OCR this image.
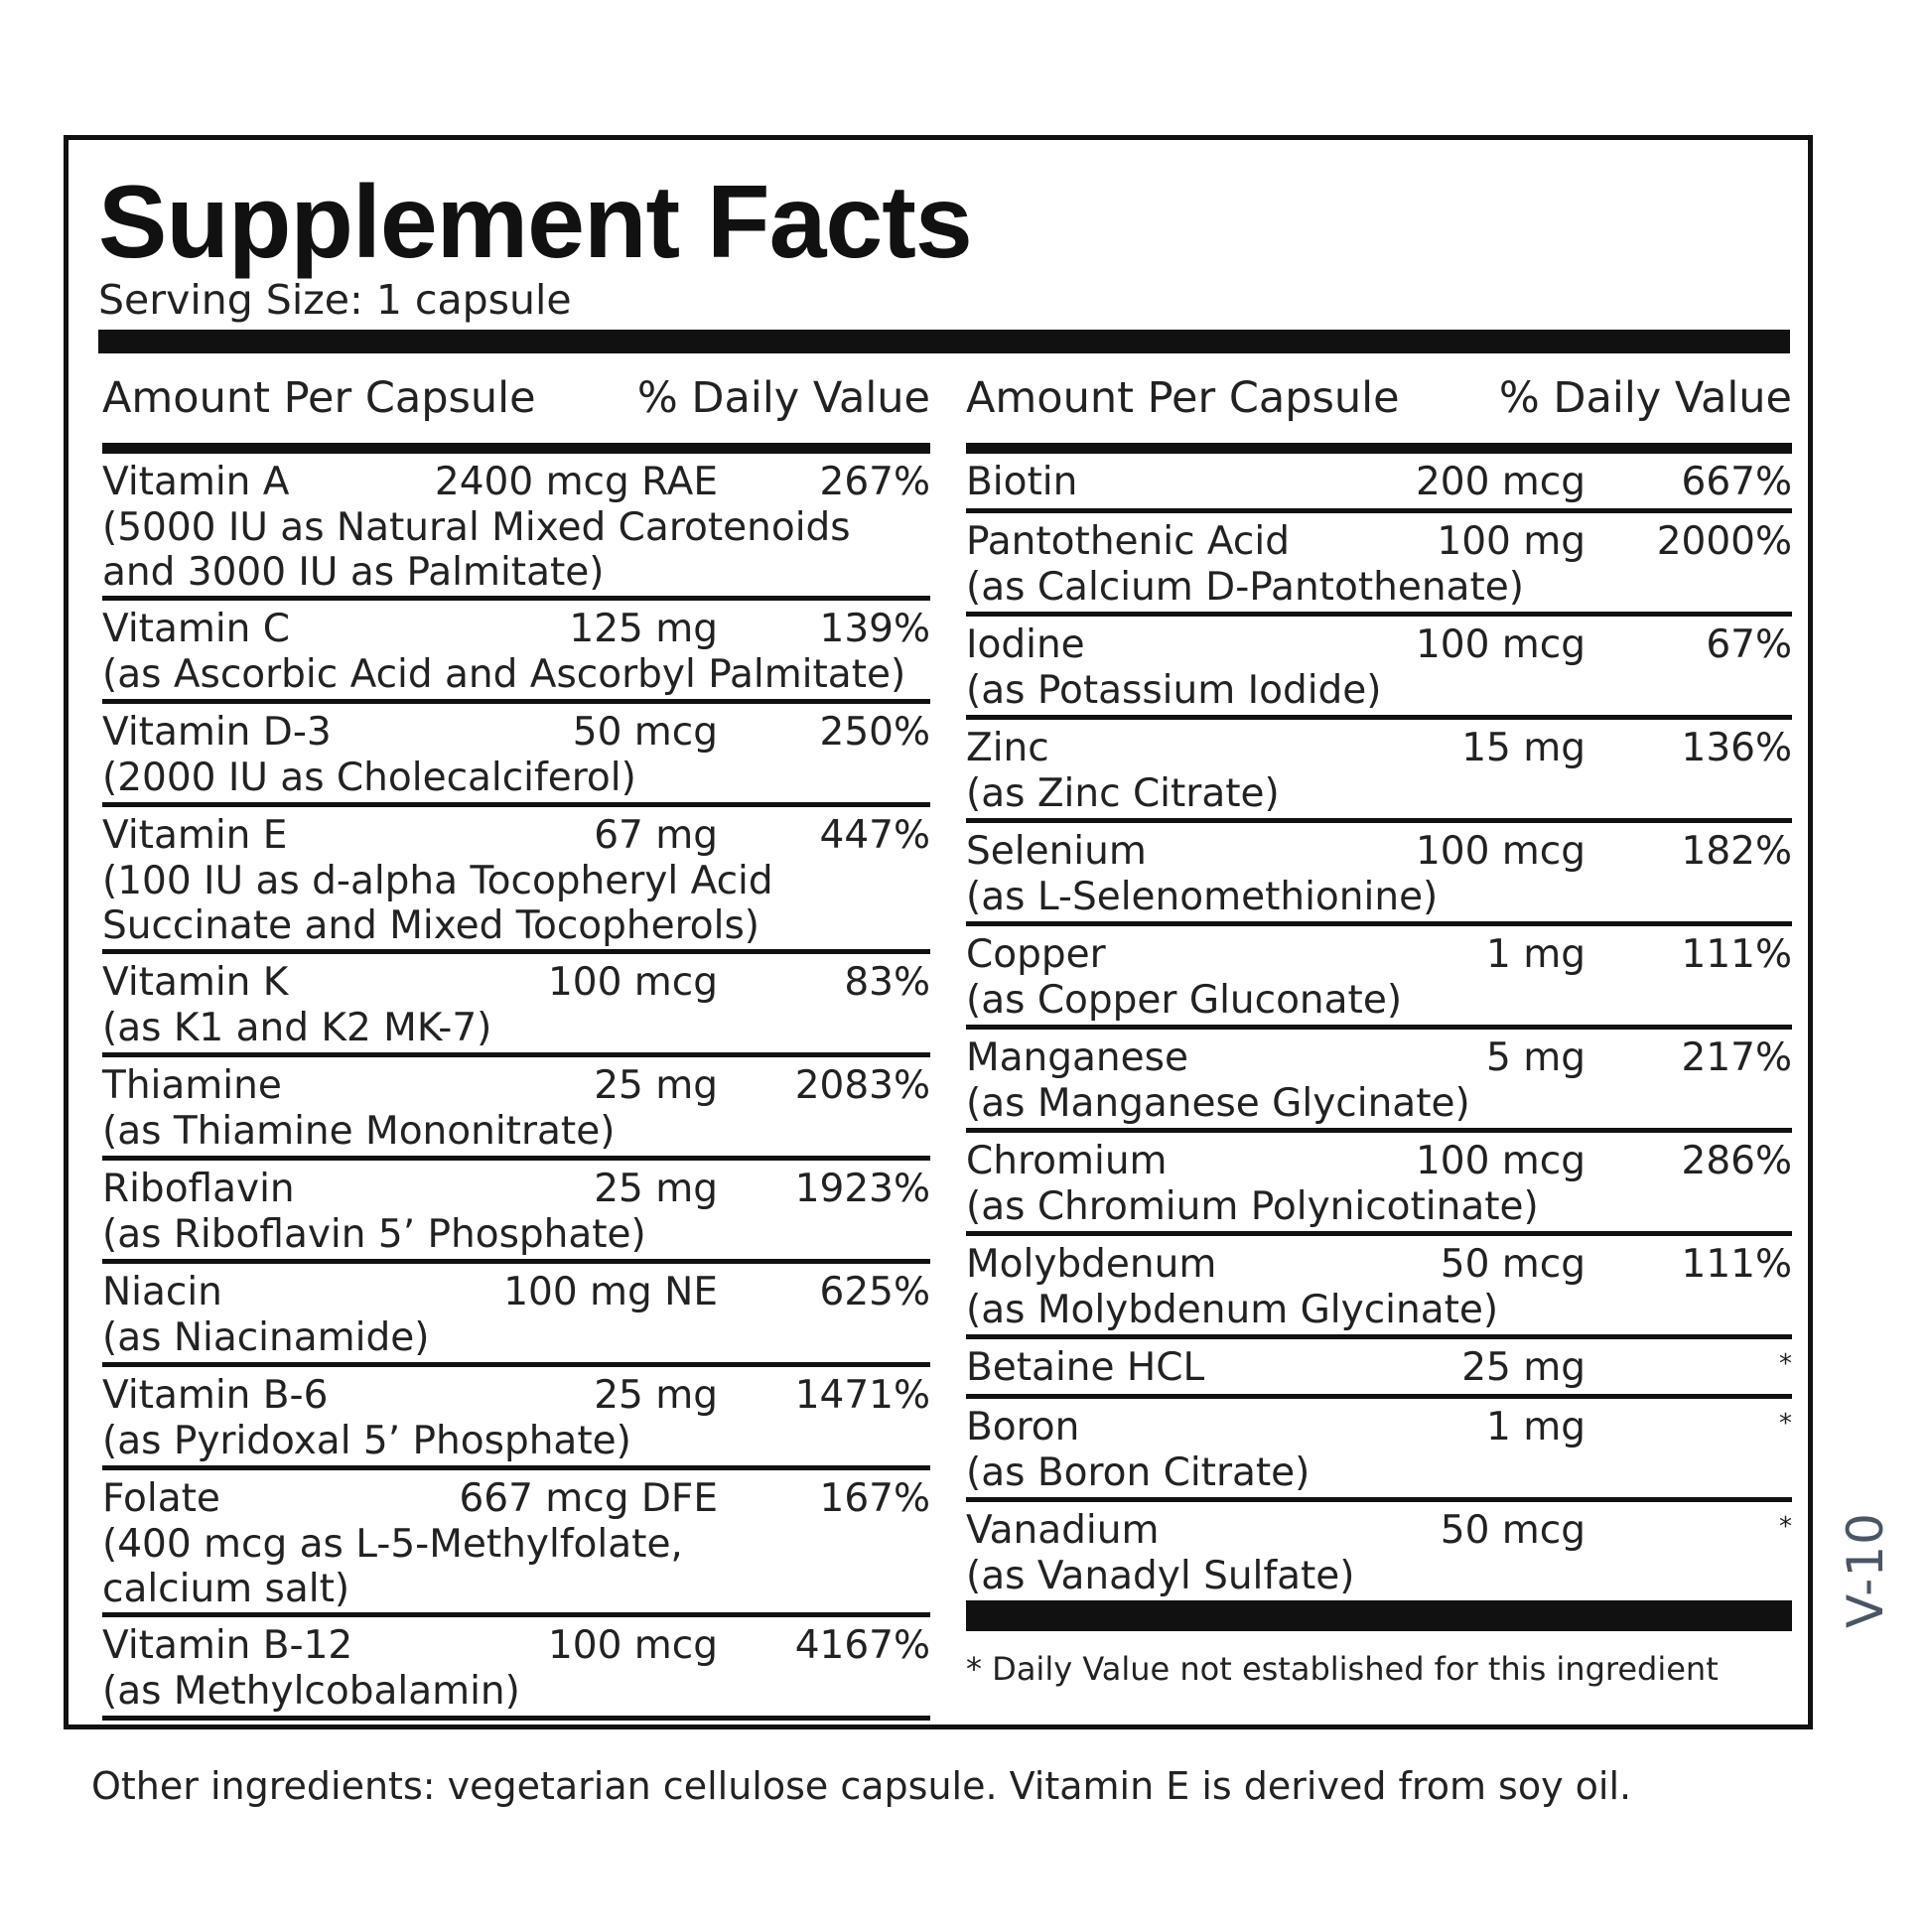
Supplement Facts
Serving Size: 1 capsule
Amount Per Capsule % Daily Value
Vitamin A	2400 mcg RAE	267%
(5000 IU as Natural Mixed Carotenoids
and 3000 IU as Palmitate)
Vitamin C	125 mg	139%
(as Ascorbic Acid and Ascorbyl Palmitate)
Vitamin D-3	50 mcg	250%
(2000 IU as Cholecalciferol)
Vitamin E	67 mg	447%
(100 IU as d-alpha Tocopheryl Acid
Succinate and Mixed Tocopherols)
Vitamin K	100 mcg	83%
(as K1 and K2 MK-7)
Thiamine	25 mg 2083%
(as Thiamine Mononitrate)
Riboflavin	25 mg 1923%
(as Riboflavin 5’ Phosphate)
Niacin	100 mg NE	625%
(as Niacinamide)
Vitamin B-6	25 mg 1471%
(as Pyridoxal 5’ Phosphate)
Folate	667 mcg DFE	167%
(400 mcg as L-5-Methylfolate,
calcium salt)
Vitamin B-12	100 mcg 4167%
(as Methylcobalamin)
Amount Per Capsule % Daily Value
Biotin	200 mcg 667%
Pantothenic Acid	100 mg 2000%
(as Calcium D-Pantothenate)
Iodine	100 mcg	67%
(as Potassium Iodide)
Zinc	15 mg 136%
(as Zinc Citrate)
Selenium	100 mcg 182%
(as L-Selenomethionine)
Copper	1 mg 111%
(as Copper Gluconate)
Manganese	5 mg 217%
(as Manganese Glycinate)
Chromium	100 mcg 286%
(as Chromium Polynicotinate)
Molybdenum	50 mcg 111%
(as Molybdenum Glycinate)
Betaine HCL	25 mg	*
Boron	1 mg	*
(as Boron Citrate)
Vanadium	50 mcg	*
(as Vanadyl Sulfate)
* Daily Value not established for this ingredient
Other ingredients: vegetarian cellulose capsule. Vitamin E is derived from soy oil.
V-10
